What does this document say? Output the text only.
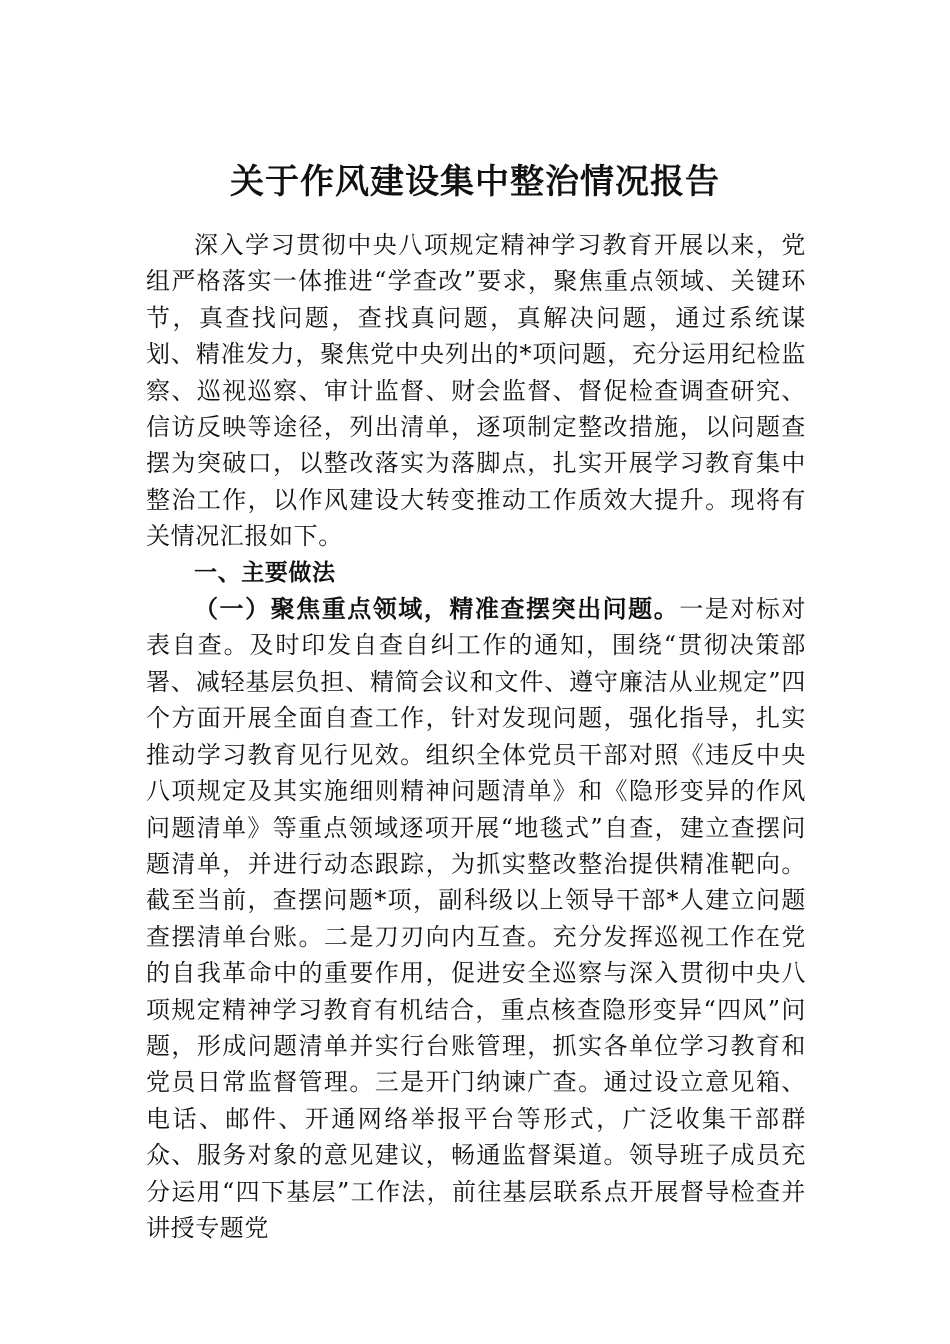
关于作风建设集中整治情况报告

深入学习贯彻中央八项规定精神学习教育开展以来，党组严格落实一体推进“学查改”要求，聚焦重点领域、关键环节，真查找问题，查找真问题，真解决问题，通过系统谋划、精准发力，聚焦党中央列出的*项问题，充分运用纪检监察、巡视巡察、审计监督、财会监督、督促检查调查研究、信访反映等途径，列出清单，逐项制定整改措施，以问题查摆为突破口，以整改落实为落脚点，扎实开展学习教育集中整治工作，以作风建设大转变推动工作质效大提升。现将有关情况汇报如下。

一、主要做法

（一）聚焦重点领域，精准查摆突出问题。一是对标对表自查。及时印发自查自纠工作的通知，围绕“贯彻决策部署、减轻基层负担、精简会议和文件、遵守廉洁从业规定”四个方面开展全面自查工作，针对发现问题，强化指导，扎实推动学习教育见行见效。组织全体党员干部对照《违反中央八项规定及其实施细则精神问题清单》和《隐形变异的作风问题清单》等重点领域逐项开展“地毯式”自查，建立查摆问题清单，并进行动态跟踪，为抓实整改整治提供精准靶向。截至当前，查摆问题*项，副科级以上领导干部*人建立问题查摆清单台账。二是刀刃向内互查。充分发挥巡视工作在党的自我革命中的重要作用，促进安全巡察与深入贯彻中央八项规定精神学习教育有机结合，重点核查隐形变异“四风”问题，形成问题清单并实行台账管理，抓实各单位学习教育和党员日常监督管理。三是开门纳谏广查。通过设立意见箱、电话、邮件、开通网络举报平台等形式，广泛收集干部群众、服务对象的意见建议，畅通监督渠道。领导班子成员充分运用“四下基层”工作法，前往基层联系点开展督导检查并讲授专题党
